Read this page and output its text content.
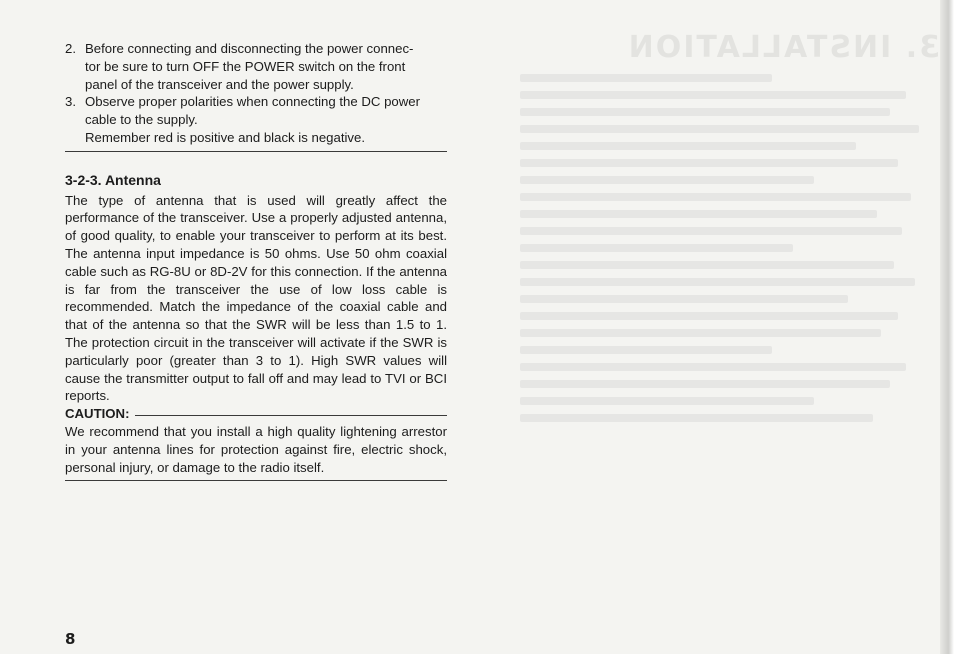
3. INSTALLATION
2. Before connecting and disconnecting the power connec-
tor be sure to turn OFF the POWER switch on the front
panel of the transceiver and the power supply.
3. Observe proper polarities when connecting the DC power
cable to the supply.
Remember red is positive and black is negative.
3-2-3. Antenna

The type of antenna that is used will greatly affect the performance of the transceiver. Use a properly adjusted antenna, of good quality, to enable your transceiver to perform at its best. The antenna input impedance is 50 ohms. Use 50 ohm coaxial cable such as RG-8U or 8D-2V for this connection. If the antenna is far from the transceiver the use of low loss cable is recommended. Match the impedance of the coaxial cable and that of the antenna so that the SWR will be less than 1.5 to 1. The protection circuit in the transceiver will activate if the SWR is particularly poor (greater than 3 to 1). High SWR values will cause the transmitter output to fall off and may lead to TVI or BCI reports.

CAUTION:

We recommend that you install a high quality lightening arrestor in your antenna lines for protection against fire, electric shock, personal injury, or damage to the radio itself.

8
